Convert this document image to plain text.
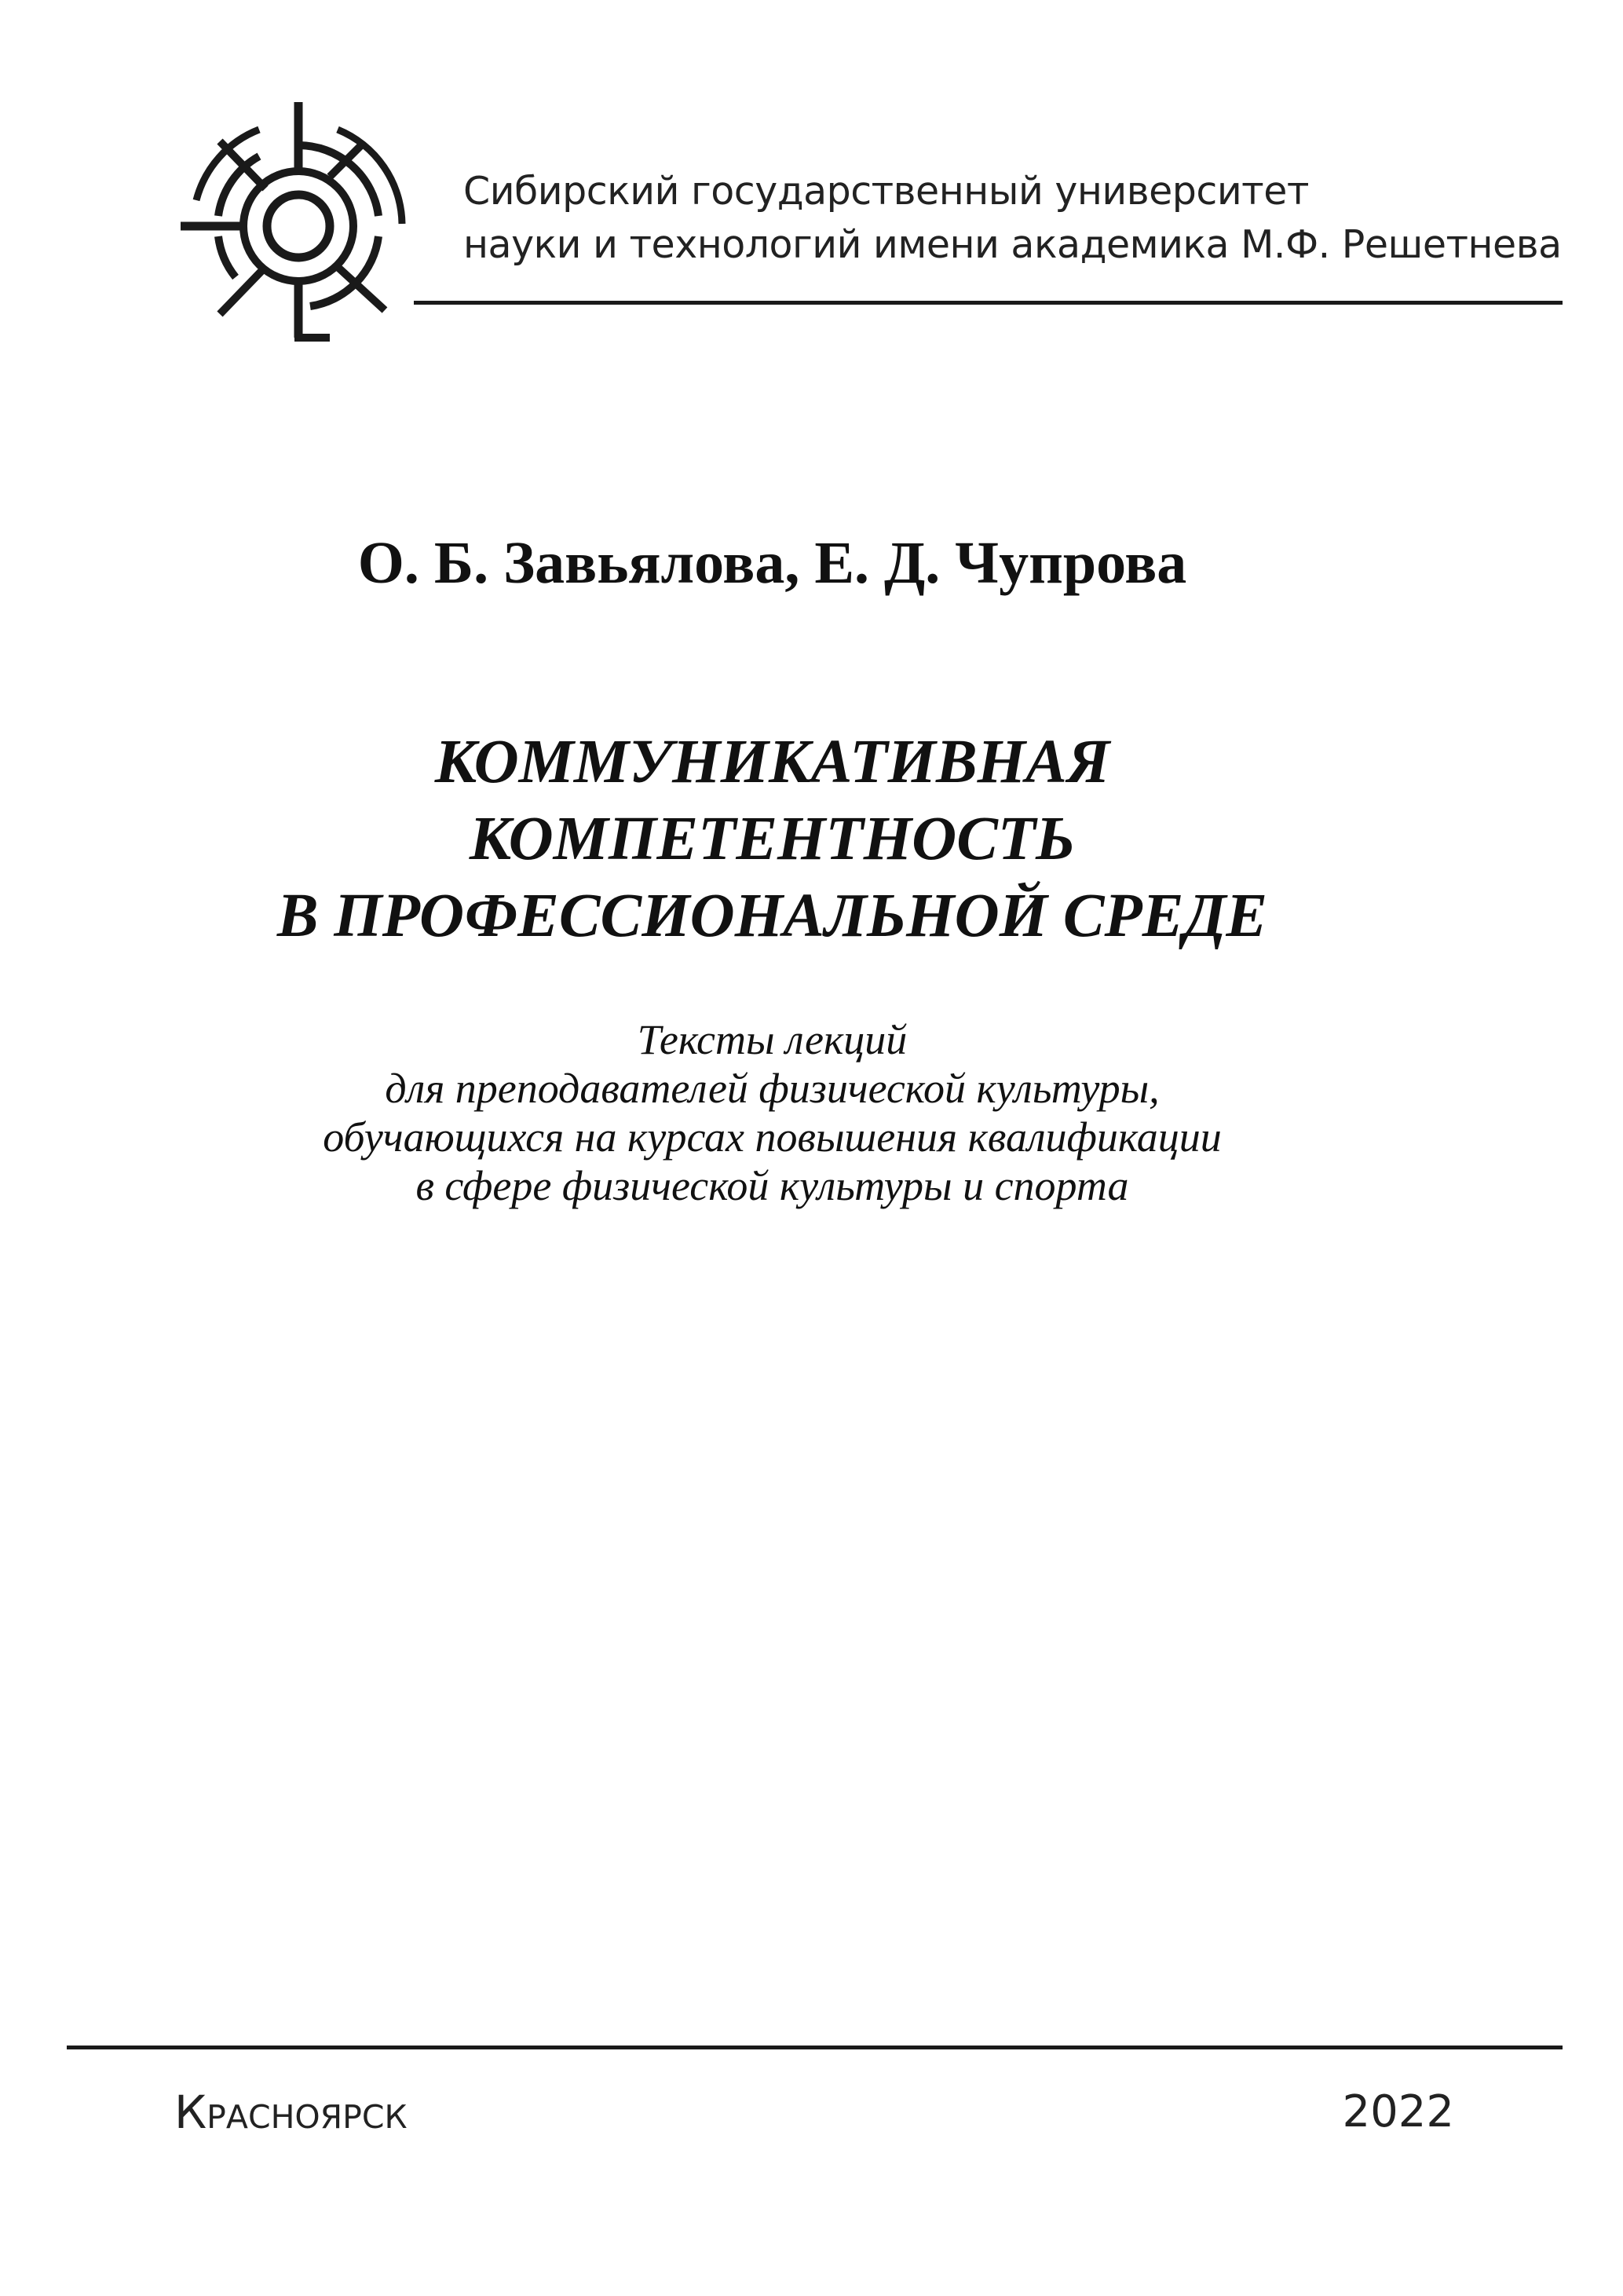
Сибирский государственный университет
науки и технологий имени академика М.Ф. Решетнева
О. Б. Завьялова, Е. Д. Чупрова
КОММУНИКАТИВНАЯ
КОМПЕТЕНТНОСТЬ
В ПРОФЕССИОНАЛЬНОЙ СРЕДЕ
Тексты лекций
для преподавателей физической культуры,
обучающихся на курсах повышения квалификации
в сфере физической культуры и спорта
Красноярск	2022
